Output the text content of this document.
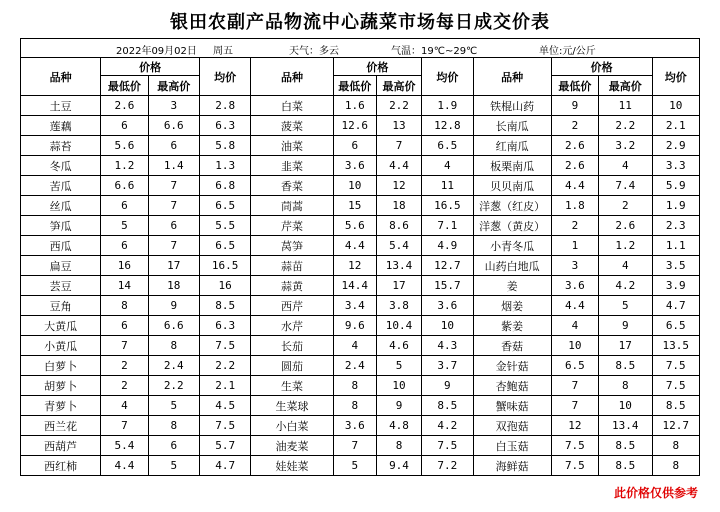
银田农副产品物流中心蔬菜市场每日成交价表
2022年09月02日 周五 天气：多云 气温：19℃~29℃ 单位:元/公斤											

品种	价格		均价	品种	价格		均价	品种	价格		均价
	最低价	最高价			最低价	最高价			最低价	最高价	
土豆	2.6	3	2.8	白菜	1.6	2.2	1.9	铁棍山药	9	11	10
莲藕	6	6.6	6.3	菠菜	12.6	13	12.8	长南瓜	2	2.2	2.1
蒜苔	5.6	6	5.8	油菜	6	7	6.5	红南瓜	2.6	3.2	2.9
冬瓜	1.2	1.4	1.3	韭菜	3.6	4.4	4	板栗南瓜	2.6	4	3.3
苦瓜	6.6	7	6.8	香菜	10	12	11	贝贝南瓜	4.4	7.4	5.9
丝瓜	6	7	6.5	茼蒿	15	18	16.5	洋葱（红皮）	1.8	2	1.9
笋瓜	5	6	5.5	芹菜	5.6	8.6	7.1	洋葱（黄皮）	2	2.6	2.3
西瓜	6	7	6.5	莴笋	4.4	5.4	4.9	小青冬瓜	1	1.2	1.1
扁豆	16	17	16.5	蒜苗	12	13.4	12.7	山药白地瓜	3	4	3.5
芸豆	14	18	16	蒜黄	14.4	17	15.7	姜	3.6	4.2	3.9
豆角	8	9	8.5	西芹	3.4	3.8	3.6	烟姜	4.4	5	4.7
大黄瓜	6	6.6	6.3	水芹	9.6	10.4	10	紫姜	4	9	6.5
小黄瓜	7	8	7.5	长茄	4	4.6	4.3	香菇	10	17	13.5
白萝卜	2	2.4	2.2	圆茄	2.4	5	3.7	金针菇	6.5	8.5	7.5
胡萝卜	2	2.2	2.1	生菜	8	10	9	杏鲍菇	7	8	7.5
青萝卜	4	5	4.5	生菜球	8	9	8.5	蟹味菇	7	10	8.5
西兰花	7	8	7.5	小白菜	3.6	4.8	4.2	双孢菇	12	13.4	12.7
西葫芦	5.4	6	5.7	油麦菜	7	8	7.5	白玉菇	7.5	8.5	8
西红柿	4.4	5	4.7	娃娃菜	5	9.4	7.2	海鲜菇	7.5	8.5	8
此价格仅供参考
